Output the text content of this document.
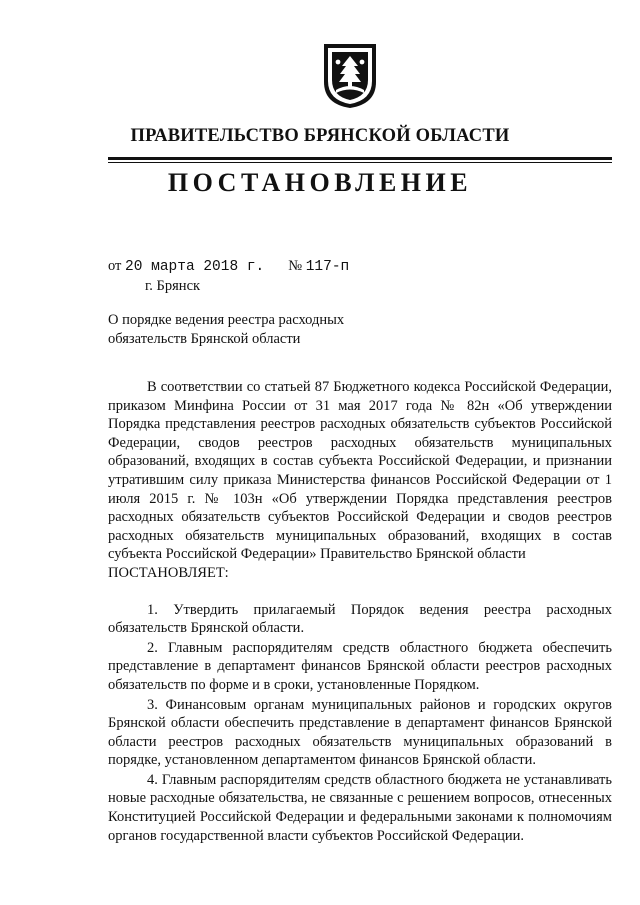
ПРАВИТЕЛЬСТВО БРЯНСКОЙ ОБЛАСТИ
ПОСТАНОВЛЕНИЕ
от 20 марта 2018 г. № 117-п
г. Брянск
О порядке ведения реестра расходных обязательств Брянской области

В соответствии со статьей 87 Бюджетного кодекса Российской Федерации, приказом Минфина России от 31 мая 2017 года № 82н «Об утверждении Порядка представления реестров расходных обязательств субъектов Российской Федерации, сводов реестров расходных обязательств муниципальных образований, входящих в состав субъекта Российской Федерации, и признании утратившим силу приказа Министерства финансов Российской Федерации от 1 июля 2015 г. № 103н «Об утверждении Порядка представления реестров расходных обязательств субъектов Российской Федерации и сводов реестров расходных обязательств муниципальных образований, входящих в состав субъекта Российской Федерации» Правительство Брянской области

ПОСТАНОВЛЯЕТ:

1. Утвердить прилагаемый Порядок ведения реестра расходных обязательств Брянской области.

2. Главным распорядителям средств областного бюджета обеспечить представление в департамент финансов Брянской области реестров расходных обязательств по форме и в сроки, установленные Порядком.

3. Финансовым органам муниципальных районов и городских округов Брянской области обеспечить представление в департамент финансов Брянской области реестров расходных обязательств муниципальных образований в порядке, установленном департаментом финансов Брянской области.

4. Главным распорядителям средств областного бюджета не устанавливать новые расходные обязательства, не связанные с решением вопросов, отнесенных Конституцией Российской Федерации и федеральными законами к полномочиям органов государственной власти субъектов Российской Федерации.
